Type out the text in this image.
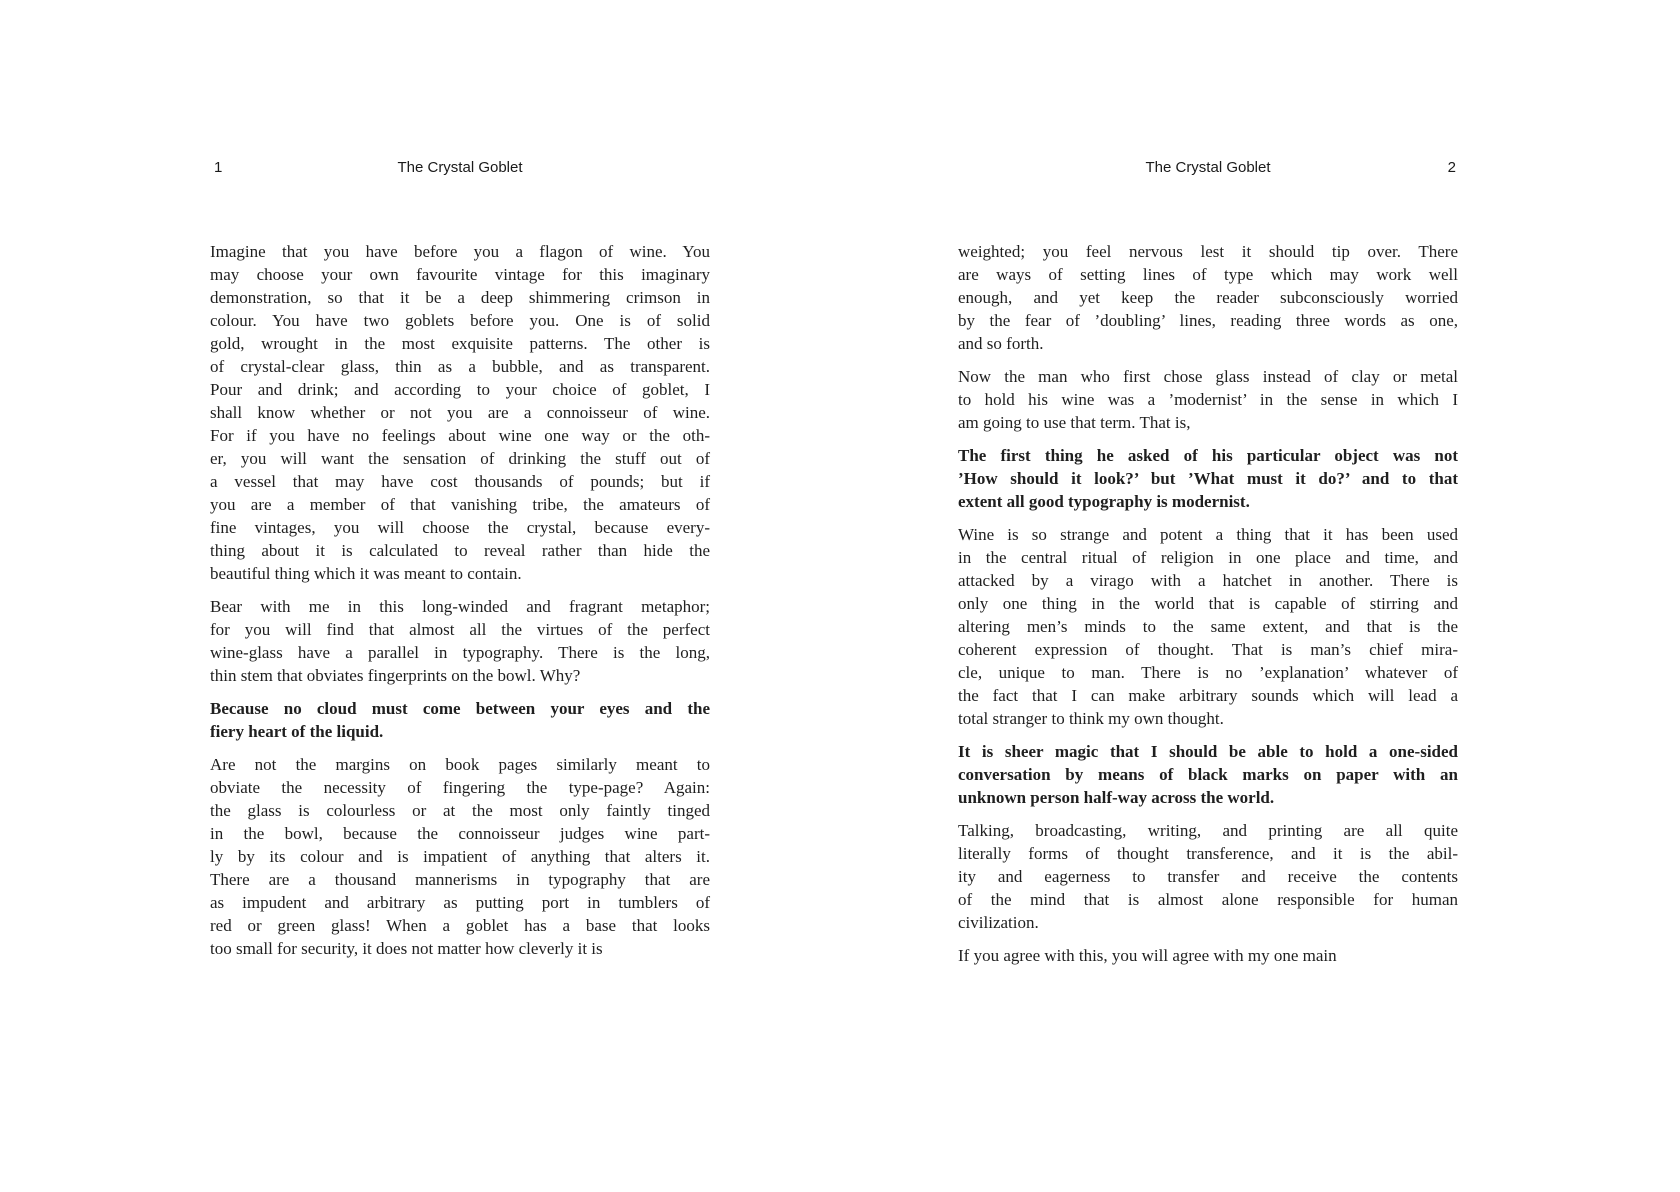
1	The Crystal Goblet
Imagine that you have before you a flagon of wine. You
may choose your own favourite vintage for this imaginary
demonstration, so that it be a deep shimmering crimson in
colour. You have two goblets before you. One is of solid
gold, wrought in the most exquisite patterns. The other is
of crystal-clear glass, thin as a bubble, and as transparent.
Pour and drink; and according to your choice of goblet, I
shall know whether or not you are a connoisseur of wine.
For if you have no feelings about wine one way or the oth-
er, you will want the sensation of drinking the stuff out of
a vessel that may have cost thousands of pounds; but if
you are a member of that vanishing tribe, the amateurs of
fine vintages, you will choose the crystal, because every-
thing about it is calculated to reveal rather than hide the
beautiful thing which it was meant to contain.
Bear with me in this long-winded and fragrant metaphor;
for you will find that almost all the virtues of the perfect
wine-glass have a parallel in typography. There is the long,
thin stem that obviates fingerprints on the bowl. Why?
Because no cloud must come between your eyes and the
fiery heart of the liquid.
Are not the margins on book pages similarly meant to
obviate the necessity of fingering the type-page? Again:
the glass is colourless or at the most only faintly tinged
in the bowl, because the connoisseur judges wine part-
ly by its colour and is impatient of anything that alters it.
There are a thousand mannerisms in typography that are
as impudent and arbitrary as putting port in tumblers of
red or green glass! When a goblet has a base that looks
too small for security, it does not matter how cleverly it is
The Crystal Goblet	2
weighted; you feel nervous lest it should tip over. There
are ways of setting lines of type which may work well
enough, and yet keep the reader subconsciously worried
by the fear of ’doubling’ lines, reading three words as one,
and so forth.
Now the man who first chose glass instead of clay or metal
to hold his wine was a ’modernist’ in the sense in which I
am going to use that term. That is,
The first thing he asked of his particular object was not
’How should it look?’ but ’What must it do?’ and to that
extent all good typography is modernist.
Wine is so strange and potent a thing that it has been used
in the central ritual of religion in one place and time, and
attacked by a virago with a hatchet in another. There is
only one thing in the world that is capable of stirring and
altering men’s minds to the same extent, and that is the
coherent expression of thought. That is man’s chief mira-
cle, unique to man. There is no ’explanation’ whatever of
the fact that I can make arbitrary sounds which will lead a
total stranger to think my own thought.
It is sheer magic that I should be able to hold a one-sided
conversation by means of black marks on paper with an
unknown person half-way across the world.
Talking, broadcasting, writing, and printing are all quite
literally forms of thought transference, and it is the abil-
ity and eagerness to transfer and receive the contents
of the mind that is almost alone responsible for human
civilization.
If you agree with this, you will agree with my one main
